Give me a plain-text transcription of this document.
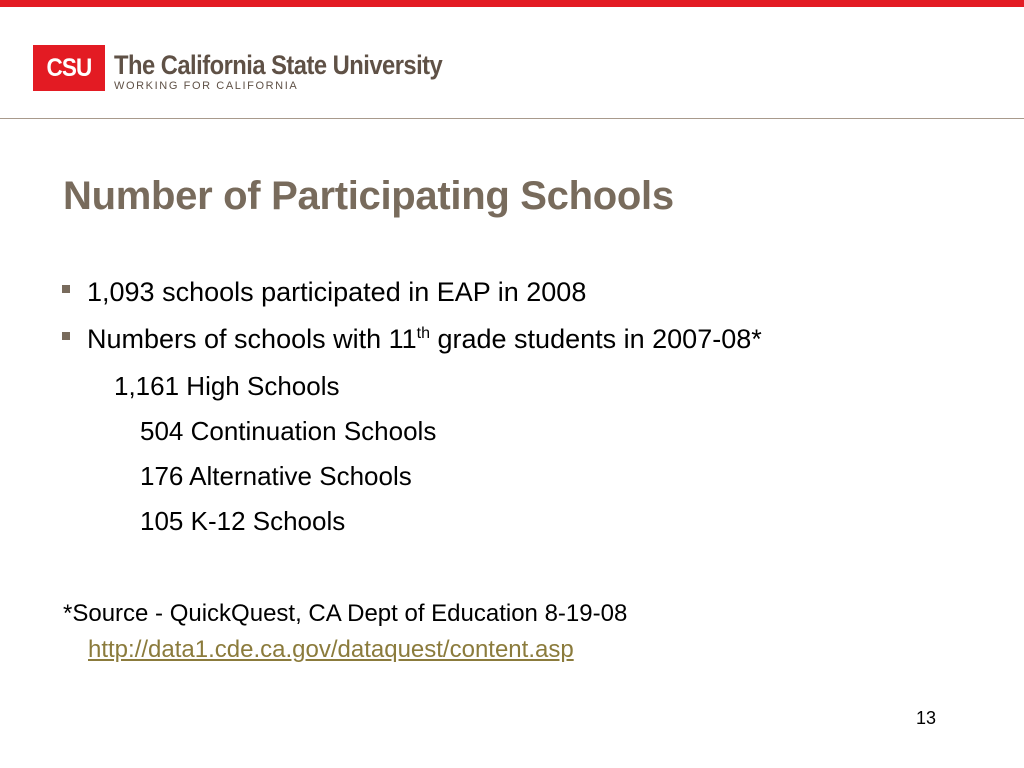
CSU The California State University
WORKING FOR CALIFORNIA
Number of Participating Schools
1,093 schools participated in EAP in 2008
Numbers of schools with 11th grade students in 2007-08*
1,161 High Schools
504 Continuation Schools
176 Alternative Schools
105 K-12 Schools
*Source - QuickQuest, CA Dept of Education 8-19-08
http://data1.cde.ca.gov/dataquest/content.asp
13
